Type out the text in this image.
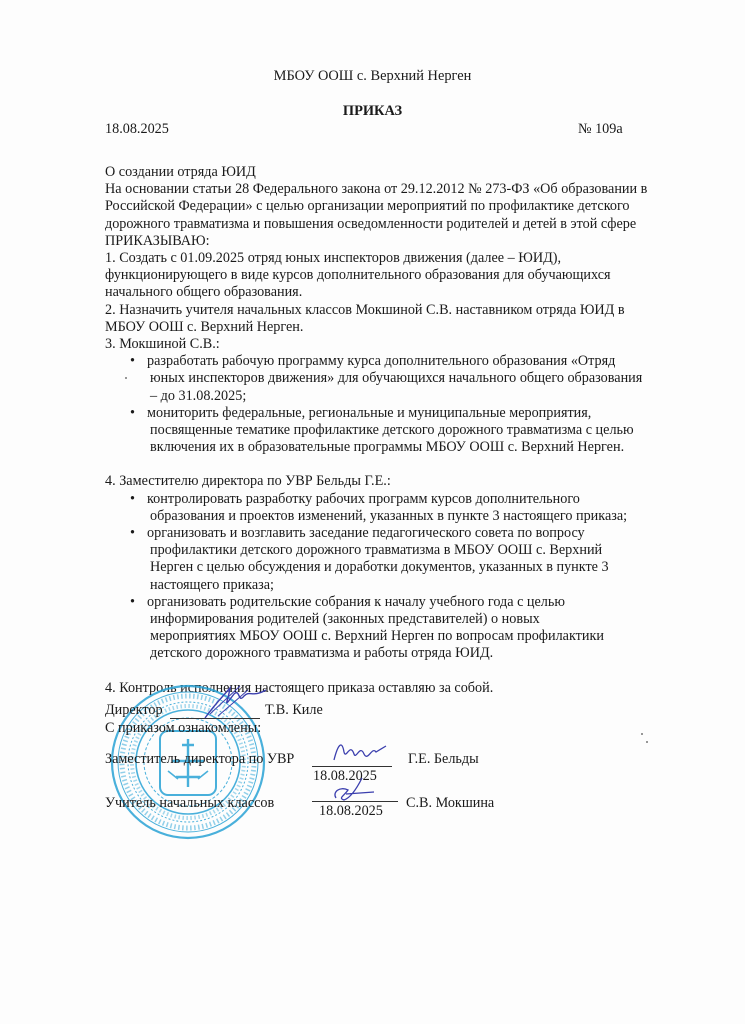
МБОУ ООШ с. Верхний Нерген
ПРИКАЗ
18.08.2025	№ 109а
О создании отряда ЮИД
На основании статьи 28 Федерального закона от 29.12.2012 № 273-ФЗ «Об образовании в
Российской Федерации» с целью организации мероприятий по профилактике детского
дорожного травматизма и повышения осведомленности родителей и детей в этой сфере
ПРИКАЗЫВАЮ:
1. Создать с 01.09.2025 отряд юных инспекторов движения (далее – ЮИД),
функционирующего в виде курсов дополнительного образования для обучающихся
начального общего образования.
2. Назначить учителя начальных классов Мокшиной С.В. наставником отряда ЮИД в
МБОУ ООШ с. Верхний Нерген.
3. Мокшиной С.В.:
• разработать рабочую программу курса дополнительного образования «Отряд
юных инспекторов движения» для обучающихся начального общего образования
– до 31.08.2025;
• мониторить федеральные, региональные и муниципальные мероприятия,
посвященные тематике профилактике детского дорожного травматизма с целью
включения их в образовательные программы МБОУ ООШ с. Верхний Нерген.
4. Заместителю директора по УВР Бельды Г.Е.:
• контролировать разработку рабочих программ курсов дополнительного
образования и проектов изменений, указанных в пункте 3 настоящего приказа;
• организовать и возглавить заседание педагогического совета по вопросу
профилактики детского дорожного травматизма в МБОУ ООШ с. Верхний
Нерген с целью обсуждения и доработки документов, указанных в пункте 3
настоящего приказа;
• организовать родительские собрания к началу учебного года с целью
информирования родителей (законных представителей) о новых
мероприятиях МБОУ ООШ с. Верхний Нерген по вопросам профилактики
детского дорожного травматизма и работы отряда ЮИД.
4. Контроль исполнения настоящего приказа оставляю за собой.
Директор	Т.В. Киле
С приказом ознакомлены:
Заместитель директора по УВР
18.08.2025
Г.Е. Бельды
Учитель начальных классов	18.08.2025 С.В. Мокшина
